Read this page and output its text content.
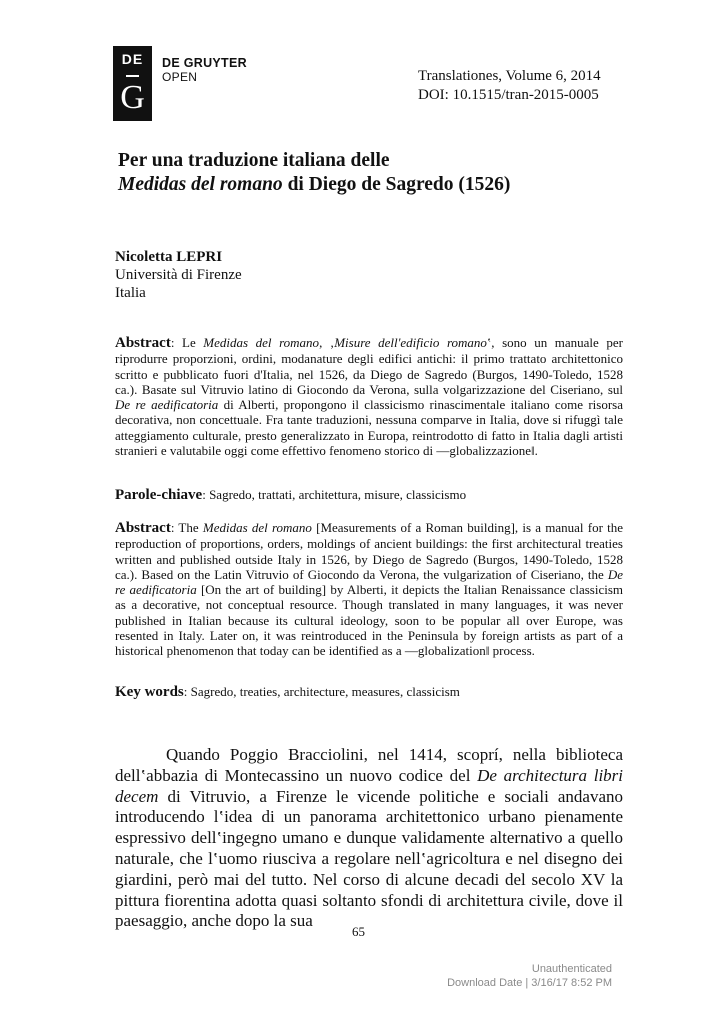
DE
G
DE GRUYTER
OPEN	Translationes, Volume 6, 2014
DOI: 10.1515/tran-2015-0005
Per una traduzione italiana delle
Medidas del romano di Diego de Sagredo (1526)
Nicoletta LEPRI
Università di Firenze
Italia
Abstract: Le Medidas del romano, ‚Misure dell'edificio romano‛, sono un manuale per riprodurre proporzioni, ordini, modanature degli edifici antichi: il primo trattato architettonico scritto e pubblicato fuori d'Italia, nel 1526, da Diego de Sagredo (Burgos, 1490-Toledo, 1528 ca.). Basate sul Vitruvio latino di Giocondo da Verona, sulla volgarizzazione del Ciseriano, sul De re aedificatoria di Alberti, propongono il classicismo rinascimentale italiano come risorsa decorativa, non concettuale. Fra tante traduzioni, nessuna comparve in Italia, dove si rifuggì tale atteggiamento culturale, presto generalizzato in Europa, reintrodotto di fatto in Italia dagli artisti stranieri e valutabile oggi come effettivo fenomeno storico di ―globalizzazione‖.
Parole-chiave: Sagredo, trattati, architettura, misure, classicismo
Abstract: The Medidas del romano [Measurements of a Roman building], is a manual for the reproduction of proportions, orders, moldings of ancient buildings: the first architectural treaties written and published outside Italy in 1526, by Diego de Sagredo (Burgos, 1490-Toledo, 1528 ca.). Based on the Latin Vitruvio of Giocondo da Verona, the vulgarization of Ciseriano, the De re aedificatoria [On the art of building] by Alberti, it depicts the Italian Renaissance classicism as a decorative, not conceptual resource. Though translated in many languages, it was never published in Italian because its cultural ideology, soon to be popular all over Europe, was resented in Italy. Later on, it was reintroduced in the Peninsula by foreign artists as part of a historical phenomenon that today can be identified as a ―globalization‖ process.
Key words: Sagredo, treaties, architecture, measures, classicism

Quando Poggio Bracciolini, nel 1414, scoprí, nella biblioteca dell‛abbazia di Montecassino un nuovo codice del De architectura libri decem di Vitruvio, a Firenze le vicende politiche e sociali andavano introducendo l‛idea di un panorama architettonico urbano pienamente espressivo dell‛ingegno umano e dunque validamente alternativo a quello naturale, che l‛uomo riusciva a regolare nell‛agricoltura e nel disegno dei giardini, però mai del tutto. Nel corso di alcune decadi del secolo XV la pittura fiorentina adotta quasi soltanto sfondi di architettura civile, dove il paesaggio, anche dopo la sua

65
Unauthenticated
Download Date | 3/16/17 8:52 PM
